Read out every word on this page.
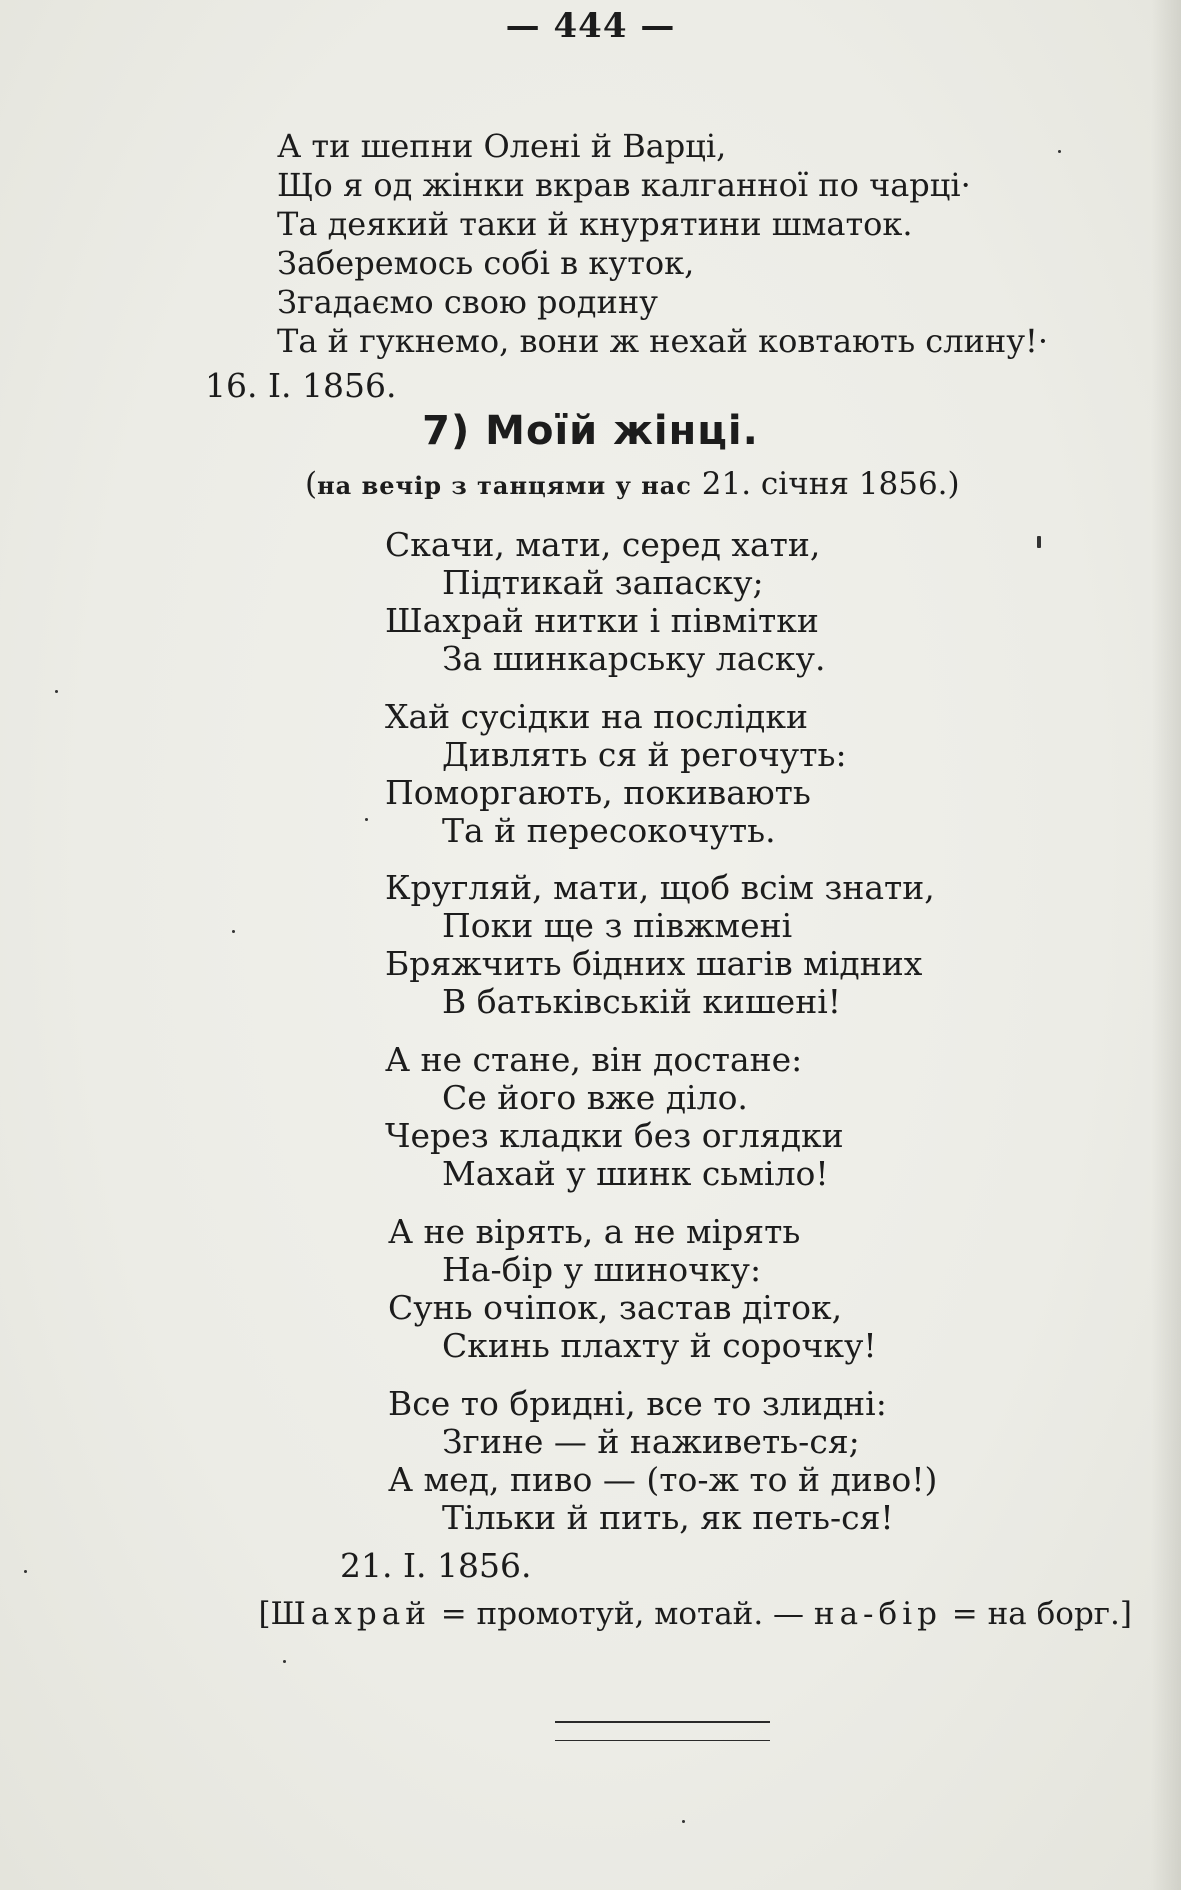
— 444 —
А ти шепни Олені й Варці,
Що я од жінки вкрав калганної по чарці·
Та деякий таки й кнурятини шматок.
Заберемось собі в куток,
Згадаємо свою родину
Та й гукнемо, вони ж нехай ковтають слину!·
16. І. 1856.
7) Моїй жінці.
(на вечір з танцями у нас 21. січня 1856.)
Скачи, мати, серед хати,
Підтикай запаску;
Шахрай нитки і півмітки
За шинкарську ласку.
Хай сусідки на послідки
Дивлять ся й регочуть:
Поморгають, покивають
Та й пересокочуть.
Кругляй, мати, щоб всім знати,
Поки ще з півжмені
Бряжчить бідних шагів мідних
В батьківській кишені!
А не стане, він достане:
Се його вже діло.
Через кладки без оглядки
Махай у шинк сьміло!
А не вірять, а не мірять
На-бір у шиночку:
Сунь очіпок, застав діток,
Скинь плахту й сорочку!
Все то бридні, все то злидні:
Згине — й наживеть-ся;
А мед, пиво — (то-ж то й диво!)
Тільки й пить, як петь-ся!
21. І. 1856.
[Шахрай = промотуй, мотай. — на-бір = на борг.]
